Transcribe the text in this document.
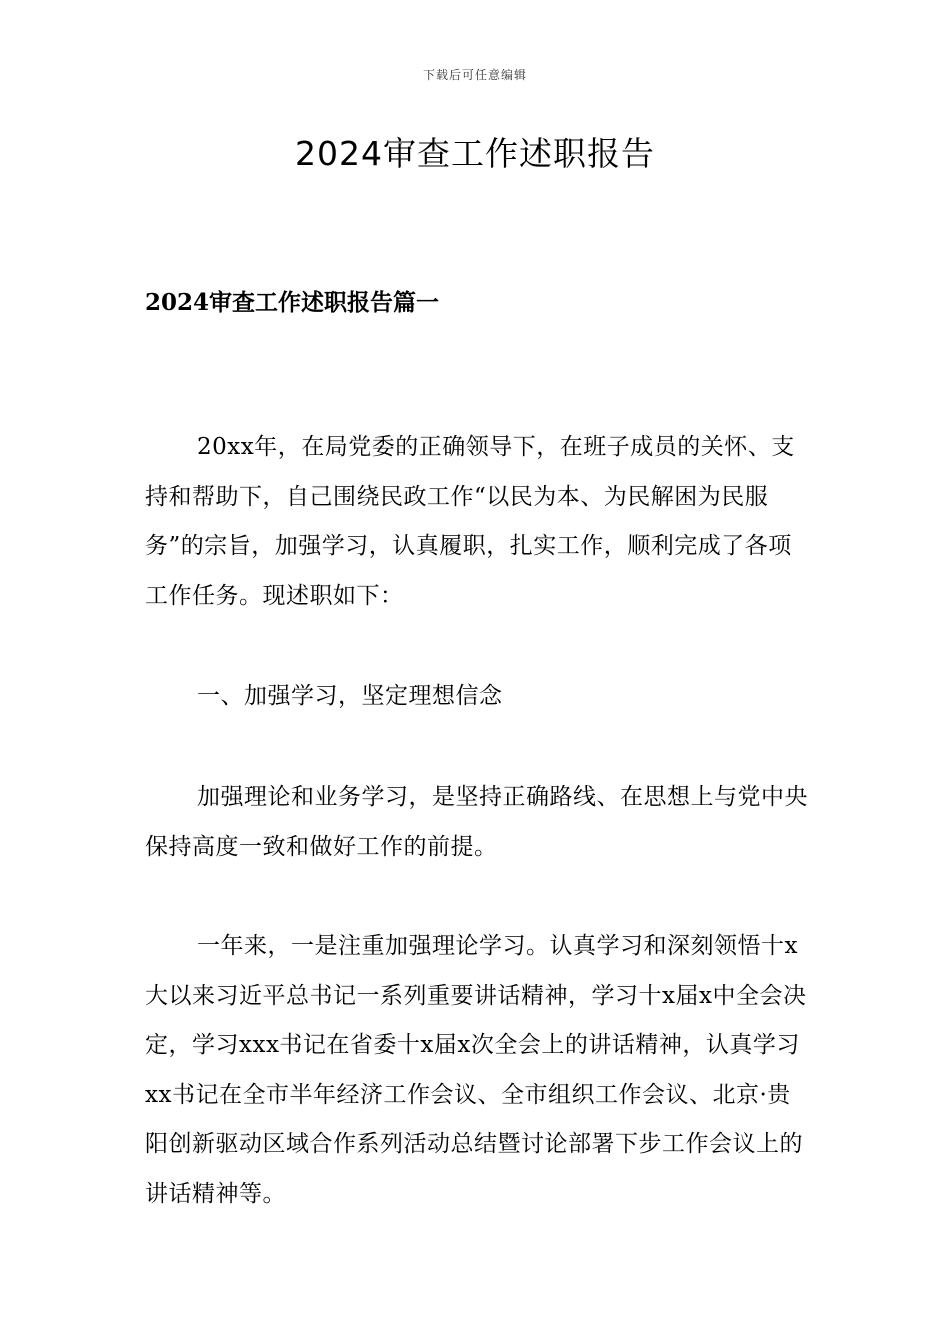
下载后可任意编辑
2024审查工作述职报告
2024审查工作述职报告篇一

20xx年，在局党委的正确领导下，在班子成员的关怀、支持和帮助下，自己围绕民政工作“以民为本、为民解困为民服务”的宗旨，加强学习，认真履职，扎实工作，顺利完成了各项工作任务。现述职如下：

一、加强学习，坚定理想信念

加强理论和业务学习，是坚持正确路线、在思想上与党中央保持高度一致和做好工作的前提。

一年来，一是注重加强理论学习。认真学习和深刻领悟十x大以来习近平总书记一系列重要讲话精神，学习十x届x中全会决定，学习xxx书记在省委十x届x次全会上的讲话精神，认真学习xx书记在全市半年经济工作会议、全市组织工作会议、北京·贵阳创新驱动区域合作系列活动总结暨讨论部署下步工作会议上的讲话精神等。
